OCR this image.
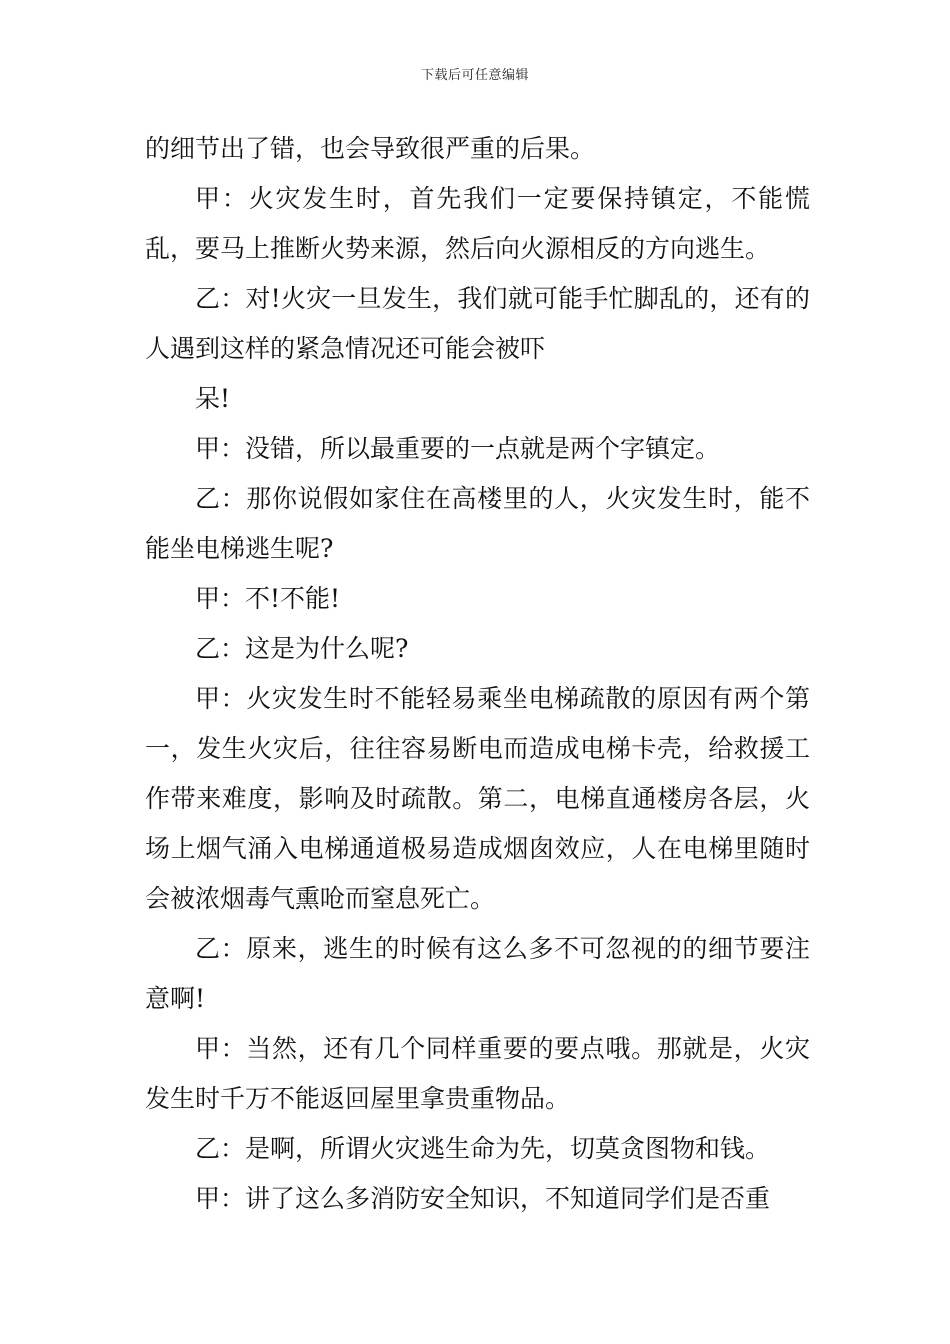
下载后可任意编辑

的细节出了错，也会导致很严重的后果。

甲：火灾发生时，首先我们一定要保持镇定，不能慌乱，要马上推断火势来源，然后向火源相反的方向逃生。

乙：对!火灾一旦发生，我们就可能手忙脚乱的，还有的人遇到这样的紧急情况还可能会被吓

呆!

甲：没错，所以最重要的一点就是两个字镇定。

乙：那你说假如家住在高楼里的人，火灾发生时，能不能坐电梯逃生呢?

甲：不!不能!

乙：这是为什么呢?

甲：火灾发生时不能轻易乘坐电梯疏散的原因有两个第一，发生火灾后，往往容易断电而造成电梯卡壳，给救援工作带来难度，影响及时疏散。第二，电梯直通楼房各层，火场上烟气涌入电梯通道极易造成烟囱效应，人在电梯里随时会被浓烟毒气熏呛而窒息死亡。

乙：原来，逃生的时候有这么多不可忽视的的细节要注意啊!

甲：当然，还有几个同样重要的要点哦。那就是，火灾发生时千万不能返回屋里拿贵重物品。

乙：是啊，所谓火灾逃生命为先，切莫贪图物和钱。

甲：讲了这么多消防安全知识，不知道同学们是否重
